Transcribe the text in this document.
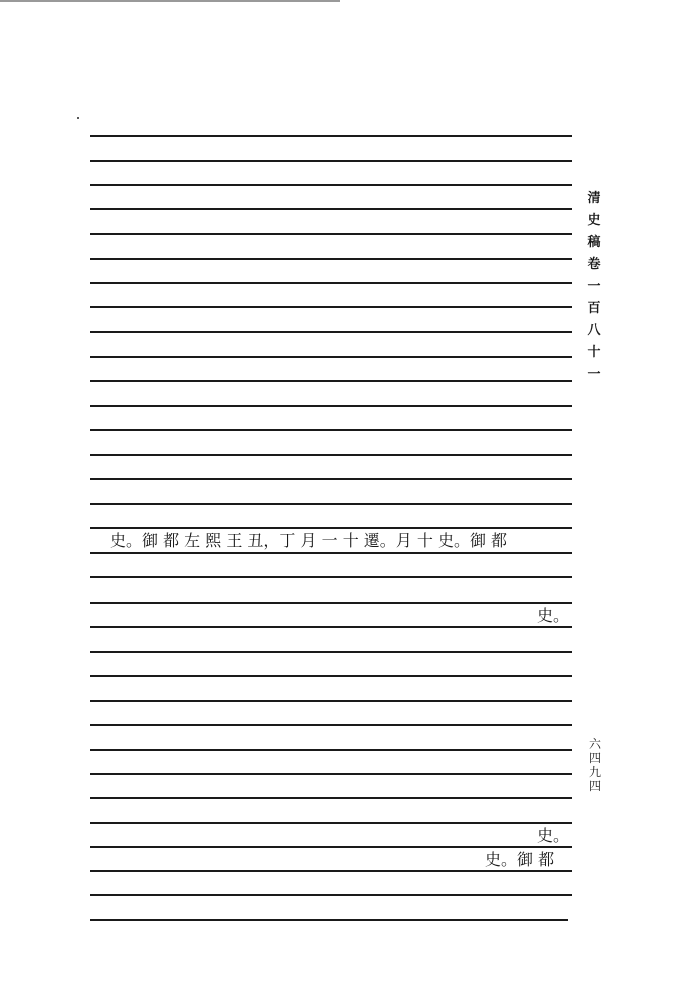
史。御 都 左 熙 王 丑，丁 月 一 十 遷。月 十 史。御 都
史。
史。
史。御 都
清史稿卷一百八十一
六四九四
